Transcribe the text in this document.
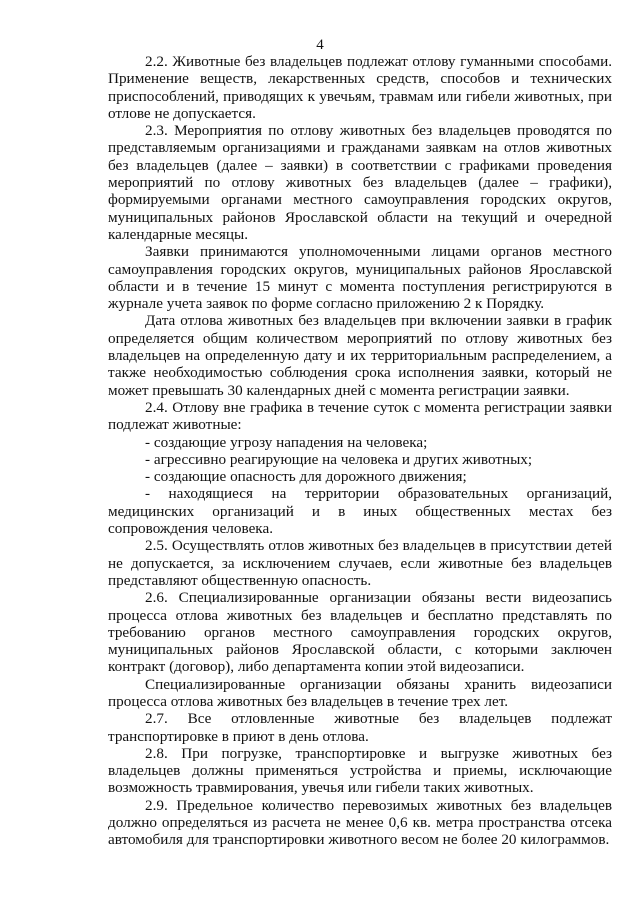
4

2.2. Животные без владельцев подлежат отлову гуманными способами. Применение веществ, лекарственных средств, способов и технических приспособлений, приводящих к увечьям, травмам или гибели животных, при отлове не допускается.

2.3. Мероприятия по отлову животных без владельцев проводятся по представляемым организациями и гражданами заявкам на отлов животных без владельцев (далее – заявки) в соответствии с графиками проведения мероприятий по отлову животных без владельцев (далее – графики), формируемыми органами местного самоуправления городских округов, муниципальных районов Ярославской области на текущий и очередной календарные месяцы.

Заявки принимаются уполномоченными лицами органов местного самоуправления городских округов, муниципальных районов Ярославской области и в течение 15 минут с момента поступления регистрируются в журнале учета заявок по форме согласно приложению 2 к Порядку.

Дата отлова животных без владельцев при включении заявки в график определяется общим количеством мероприятий по отлову животных без владельцев на определенную дату и их территориальным распределением, а также необходимостью соблюдения срока исполнения заявки, который не может превышать 30 календарных дней с момента регистрации заявки.

2.4. Отлову вне графика в течение суток с момента регистрации заявки подлежат животные:

- создающие угрозу нападения на человека;

- агрессивно реагирующие на человека и других животных;

- создающие опасность для дорожного движения;

- находящиеся на территории образовательных организаций, медицинских организаций и в иных общественных местах без сопровождения человека.

2.5. Осуществлять отлов животных без владельцев в присутствии детей не допускается, за исключением случаев, если животные без владельцев представляют общественную опасность.

2.6. Специализированные организации обязаны вести видеозапись процесса отлова животных без владельцев и бесплатно представлять по требованию органов местного самоуправления городских округов, муниципальных районов Ярославской области, с которыми заключен контракт (договор), либо департамента копии этой видеозаписи.

Специализированные организации обязаны хранить видеозаписи процесса отлова животных без владельцев в течение трех лет.

2.7. Все отловленные животные без владельцев подлежат транспортировке в приют в день отлова.

2.8. При погрузке, транспортировке и выгрузке животных без владельцев должны применяться устройства и приемы, исключающие возможность травмирования, увечья или гибели таких животных.

2.9. Предельное количество перевозимых животных без владельцев должно определяться из расчета не менее 0,6 кв. метра пространства отсека автомобиля для транспортировки животного весом не более 20 килограммов.
